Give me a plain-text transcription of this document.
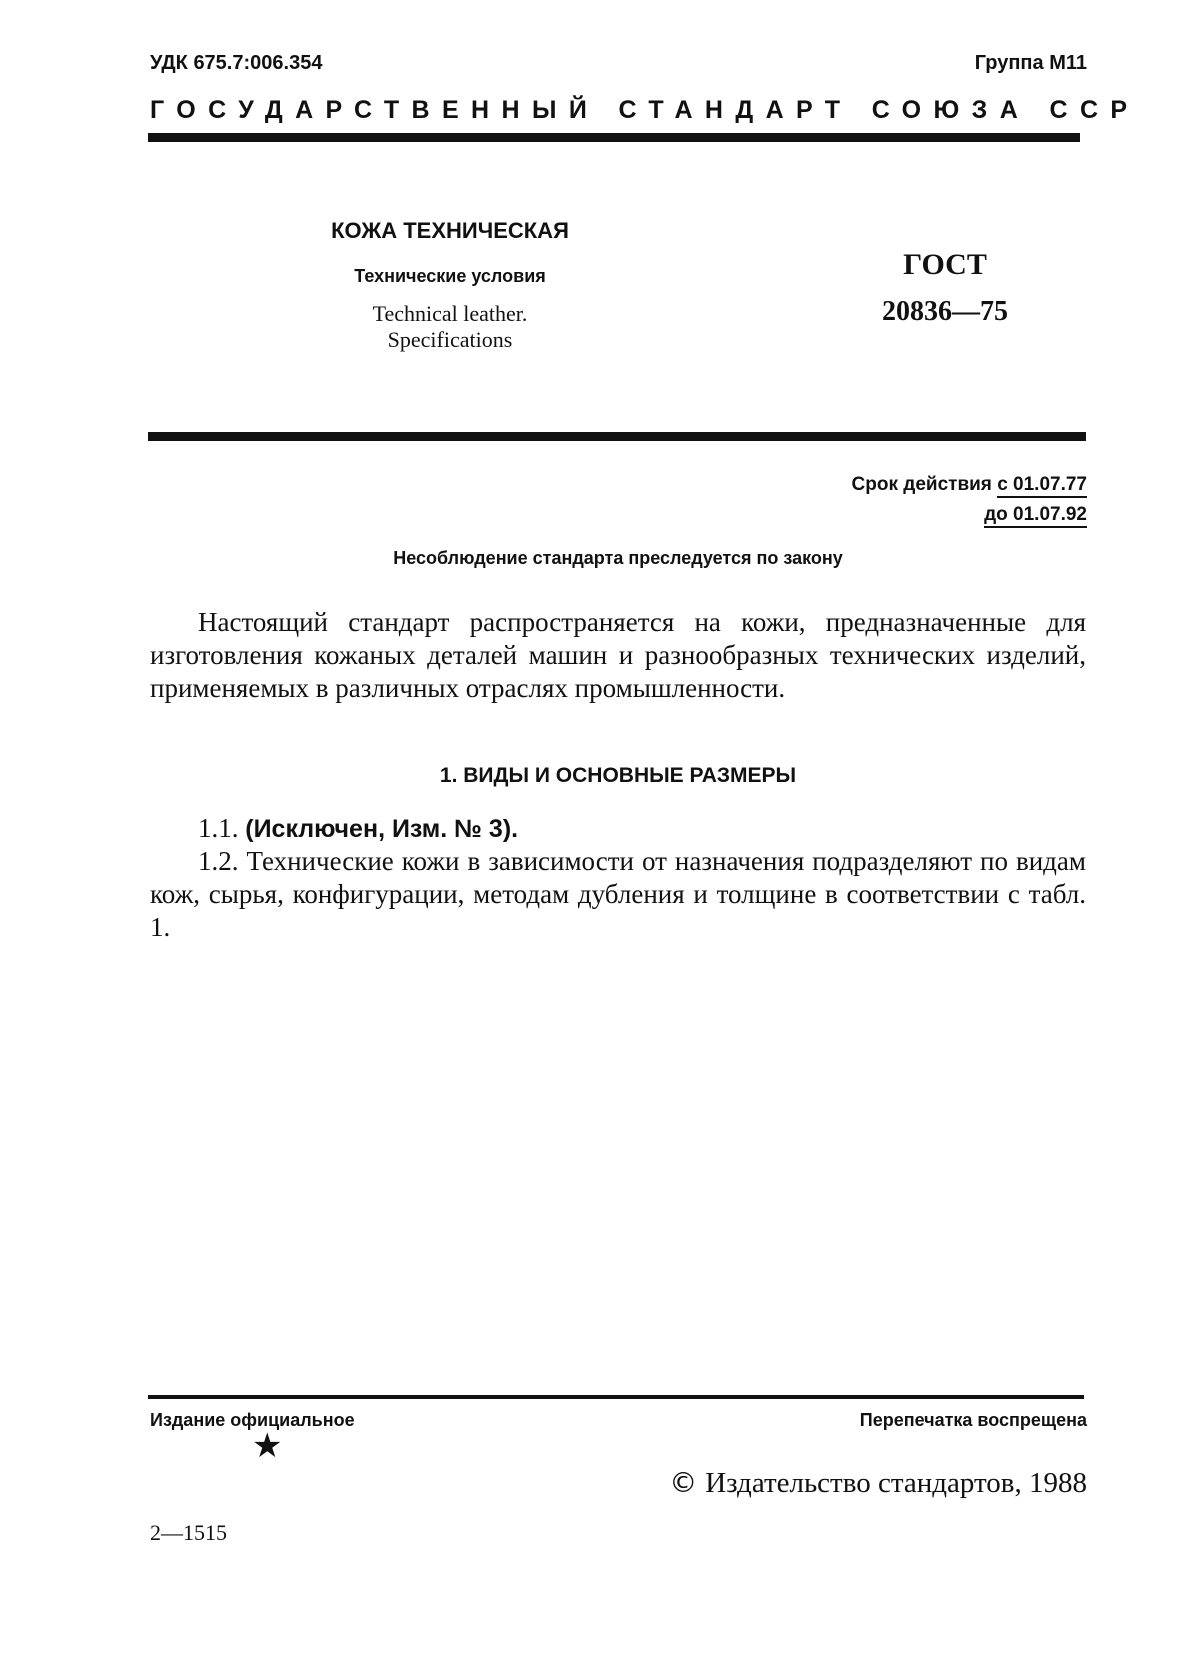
УДК 675.7:006.354	Группа М11
ГОСУДАРСТВЕННЫЙ СТАНДАРТ СОЮЗА ССР
КОЖА ТЕХНИЧЕСКАЯ
Технические условия
Technical leather.
Specifications
ГОСТ
20836—75
Срок действия с 01.07.77
до 01.07.92
Несоблюдение стандарта преследуется по закону
Настоящий стандарт распространяется на кожи, предназначенные для изготовления кожаных деталей машин и разнообразных технических изделий, применяемых в различных отраслях промышленности.
1. ВИДЫ И ОСНОВНЫЕ РАЗМЕРЫ
1.1. (Исключен, Изм. № 3).
1.2. Технические кожи в зависимости от назначения подразделяют по видам кож, сырья, конфигурации, методам дубления и толщине в соответствии с табл. 1.
Издание официальное
★
Перепечатка воспрещена
© Издательство стандартов, 1988
2—1515
